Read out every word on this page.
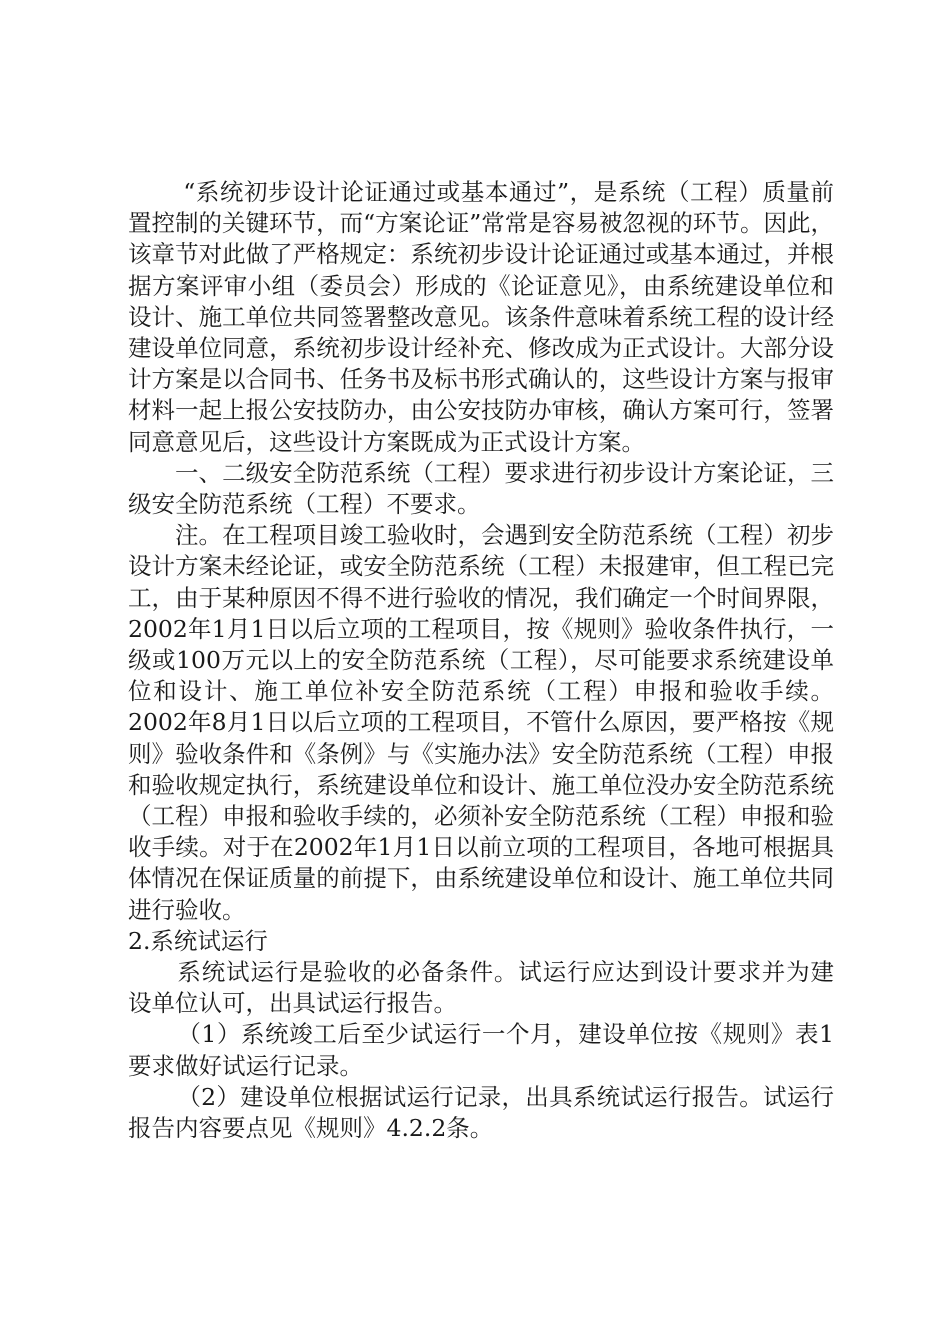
“系统初步设计论证通过或基本通过”，是系统（工程）质量前置控制的关键环节，而“方案论证”常常是容易被忽视的环节。因此，该章节对此做了严格规定：系统初步设计论证通过或基本通过，并根据方案评审小组（委员会）形成的《论证意见》，由系统建设单位和设计、施工单位共同签署整改意见。该条件意味着系统工程的设计经建设单位同意，系统初步设计经补充、修改成为正式设计。大部分设计方案是以合同书、任务书及标书形式确认的，这些设计方案与报审材料一起上报公安技防办，由公安技防办审核，确认方案可行，签署同意意见后，这些设计方案既成为正式设计方案。

一、二级安全防范系统（工程）要求进行初步设计方案论证，三级安全防范系统（工程）不要求。

注。在工程项目竣工验收时，会遇到安全防范系统（工程）初步设计方案未经论证，或安全防范系统（工程）未报建审，但工程已完工，由于某种原因不得不进行验收的情况，我们确定一个时间界限，2002年1月1日以后立项的工程项目，按《规则》验收条件执行，一级或100万元以上的安全防范系统（工程），尽可能要求系统建设单位和设计、施工单位补安全防范系统（工程）申报和验收手续。2002年8月1日以后立项的工程项目，不管什么原因，要严格按《规则》验收条件和《条例》与《实施办法》安全防范系统（工程）申报和验收规定执行，系统建设单位和设计、施工单位没办安全防范系统（工程）申报和验收手续的，必须补安全防范系统（工程）申报和验收手续。对于在2002年1月1日以前立项的工程项目，各地可根据具体情况在保证质量的前提下，由系统建设单位和设计、施工单位共同进行验收。

2.系统试运行

系统试运行是验收的必备条件。试运行应达到设计要求并为建设单位认可，出具试运行报告。

（1）系统竣工后至少试运行一个月，建设单位按《规则》表1要求做好试运行记录。

（2）建设单位根据试运行记录，出具系统试运行报告。试运行报告内容要点见《规则》4.2.2条。
